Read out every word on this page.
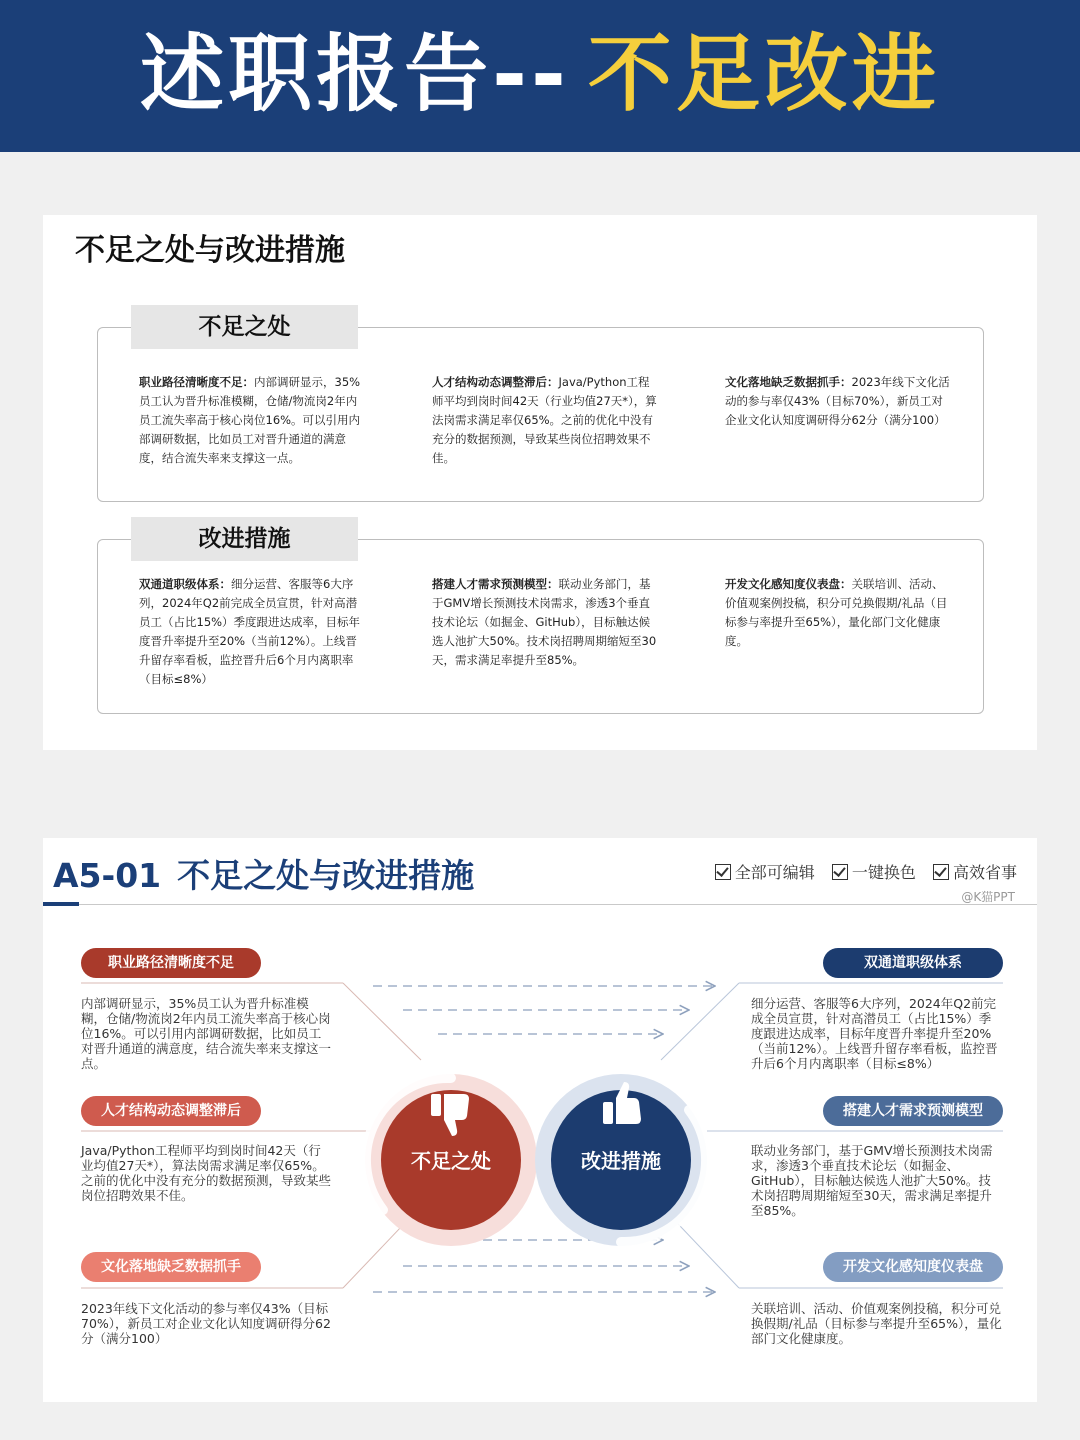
述职报告-- 不足改进
不足之处与改进措施
不足之处
职业路径清晰度不足：内部调研显示，35%员工认为晋升标准模糊，仓储/物流岗2年内员工流失率高于核心岗位16%。可以引用内部调研数据，比如员工对晋升通道的满意度，结合流失率来支撑这一点。
人才结构动态调整滞后：Java/Python工程师平均到岗时间42天（行业均值27天*），算法岗需求满足率仅65%。之前的优化中没有充分的数据预测，导致某些岗位招聘效果不佳。
文化落地缺乏数据抓手：2023年线下文化活动的参与率仅43%（目标70%），新员工对企业文化认知度调研得分62分（满分100）
改进措施
双通道职级体系：细分运营、客服等6大序列，2024年Q2前完成全员宣贯，针对高潜员工（占比15%）季度跟进达成率，目标年度晋升率提升至20%（当前12%）。上线晋升留存率看板，监控晋升后6个月内离职率（目标≤8%）
搭建人才需求预测模型：联动业务部门，基于GMV增长预测技术岗需求，渗透3个垂直技术论坛（如掘金、GitHub），目标触达候选人池扩大50%。技术岗招聘周期缩短至30天，需求满足率提升至85%。
开发文化感知度仪表盘：关联培训、活动、价值观案例投稿，积分可兑换假期/礼品（目标参与率提升至65%），量化部门文化健康度。
A5-01 不足之处与改进措施	全部可编辑 一键换色 高效省事
@K猫PPT
职业路径清晰度不足
内部调研显示，35%员工认为晋升标准模糊，仓储/物流岗2年内员工流失率高于核心岗位16%。可以引用内部调研数据，比如员工对晋升通道的满意度，结合流失率来支撑这一点。
人才结构动态调整滞后
Java/Python工程师平均到岗时间42天（行业均值27天*），算法岗需求满足率仅65%。之前的优化中没有充分的数据预测，导致某些岗位招聘效果不佳。
文化落地缺乏数据抓手
2023年线下文化活动的参与率仅43%（目标70%），新员工对企业文化认知度调研得分62分（满分100）
双通道职级体系
细分运营、客服等6大序列，2024年Q2前完成全员宣贯，针对高潜员工（占比15%）季度跟进达成率，目标年度晋升率提升至20%（当前12%）。上线晋升留存率看板，监控晋升后6个月内离职率（目标≤8%）
搭建人才需求预测模型
联动业务部门，基于GMV增长预测技术岗需求，渗透3个垂直技术论坛（如掘金、GitHub），目标触达候选人池扩大50%。技术岗招聘周期缩短至30天，需求满足率提升至85%。
开发文化感知度仪表盘
关联培训、活动、价值观案例投稿，积分可兑换假期/礼品（目标参与率提升至65%），量化部门文化健康度。
不足之处	改进措施
